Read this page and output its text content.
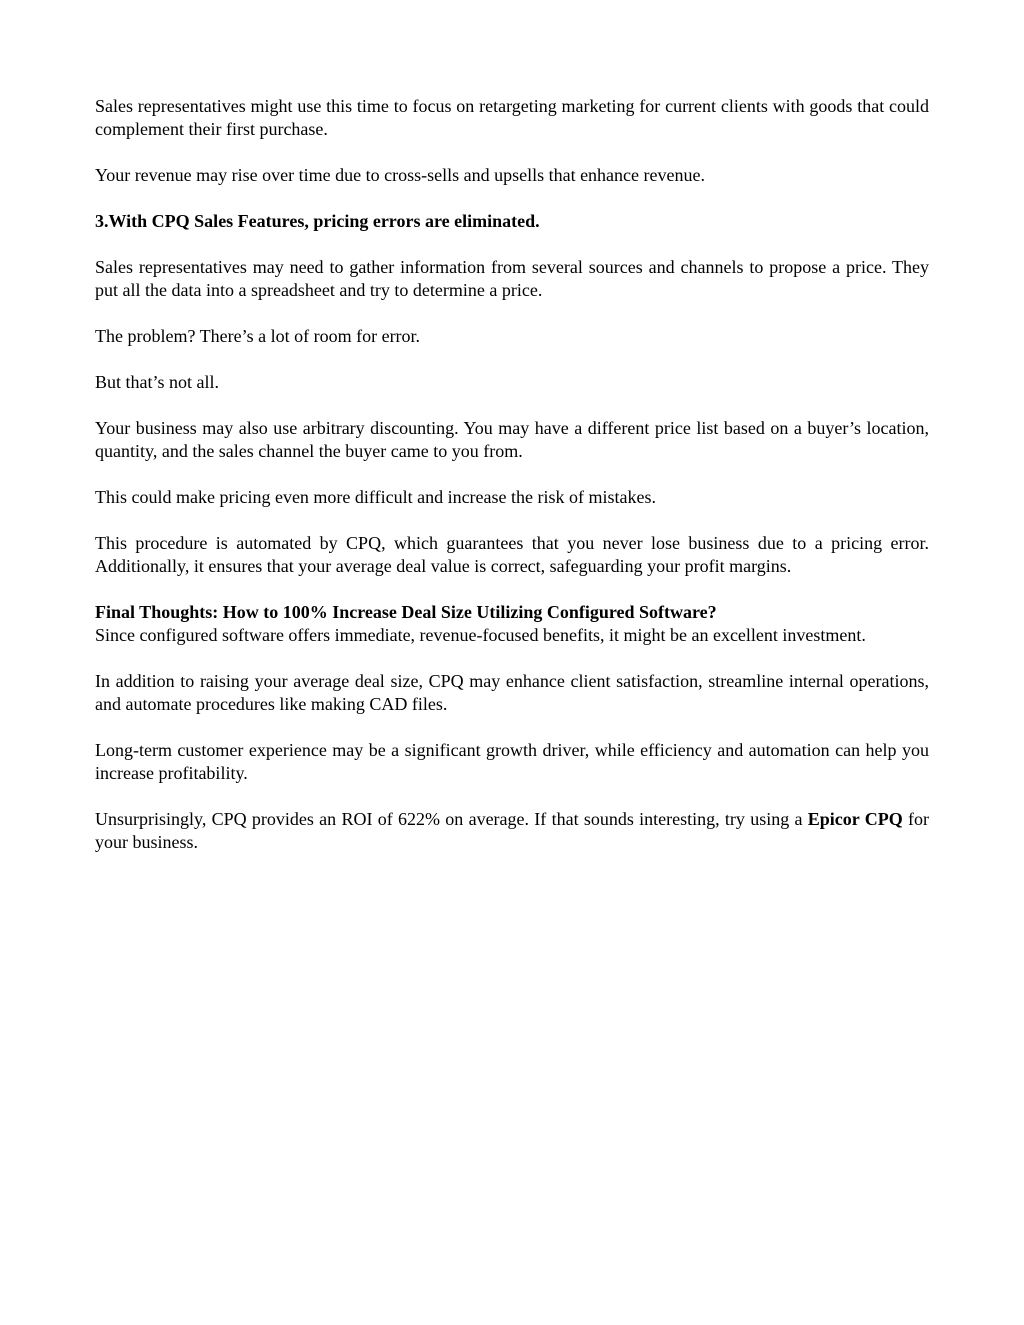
Sales representatives might use this time to focus on retargeting marketing for current clients with goods that could complement their first purchase.

Your revenue may rise over time due to cross-sells and upsells that enhance revenue.

3.With CPQ Sales Features, pricing errors are eliminated.

Sales representatives may need to gather information from several sources and channels to propose a price. They put all the data into a spreadsheet and try to determine a price.

The problem? There’s a lot of room for error.

But that’s not all.

Your business may also use arbitrary discounting. You may have a different price list based on a buyer’s location, quantity, and the sales channel the buyer came to you from.

This could make pricing even more difficult and increase the risk of mistakes.

This procedure is automated by CPQ, which guarantees that you never lose business due to a pricing error. Additionally, it ensures that your average deal value is correct, safeguarding your profit margins.

Final Thoughts: How to 100% Increase Deal Size Utilizing Configured Software?

Since configured software offers immediate, revenue-focused benefits, it might be an excellent investment.

In addition to raising your average deal size, CPQ may enhance client satisfaction, streamline internal operations, and automate procedures like making CAD files.

Long-term customer experience may be a significant growth driver, while efficiency and automation can help you increase profitability.

Unsurprisingly, CPQ provides an ROI of 622% on average. If that sounds interesting, try using a Epicor CPQ for your business.
